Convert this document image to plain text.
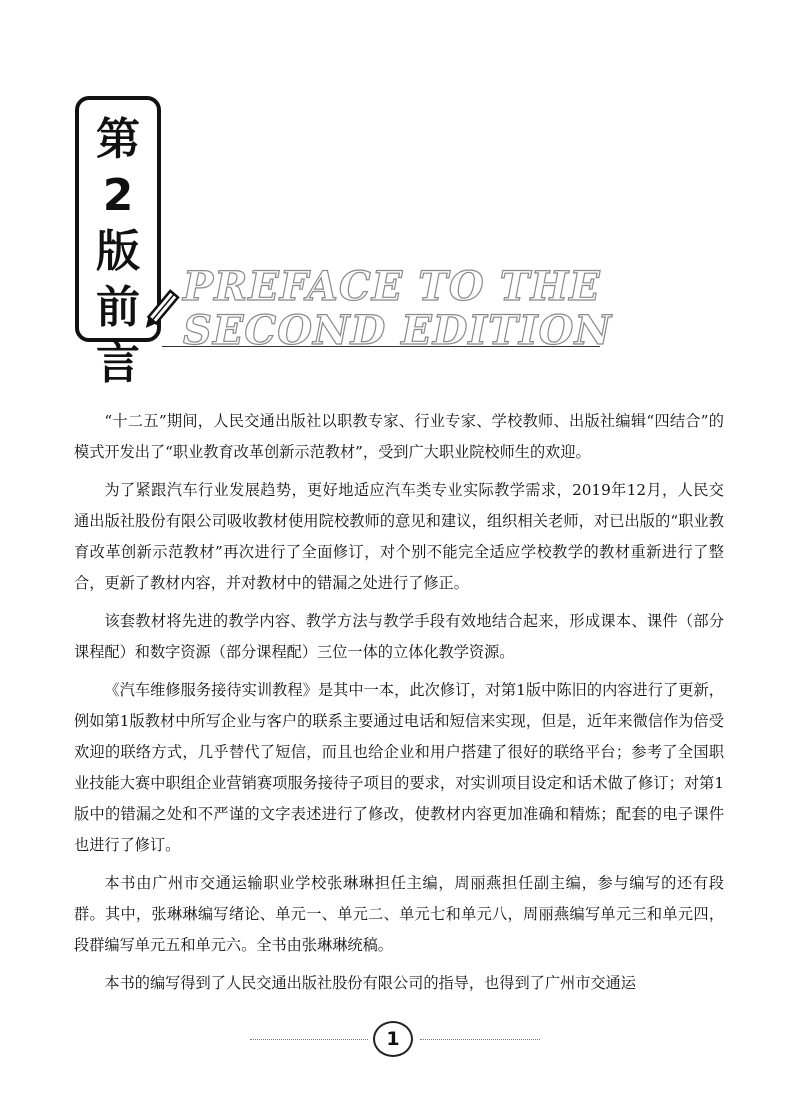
第
2
版
前
言
PREFACE TO THE
SECOND EDITION

“十二五”期间，人民交通出版社以职教专家、行业专家、学校教师、出版社编辑“四结合”的模式开发出了“职业教育改革创新示范教材”，受到广大职业院校师生的欢迎。

为了紧跟汽车行业发展趋势，更好地适应汽车类专业实际教学需求，2019年12月，人民交通出版社股份有限公司吸收教材使用院校教师的意见和建议，组织相关老师，对已出版的“职业教育改革创新示范教材”再次进行了全面修订，对个别不能完全适应学校教学的教材重新进行了整合，更新了教材内容，并对教材中的错漏之处进行了修正。

该套教材将先进的教学内容、教学方法与教学手段有效地结合起来，形成课本、课件（部分课程配）和数字资源（部分课程配）三位一体的立体化教学资源。

《汽车维修服务接待实训教程》是其中一本，此次修订，对第1版中陈旧的内容进行了更新，例如第1版教材中所写企业与客户的联系主要通过电话和短信来实现，但是，近年来微信作为倍受欢迎的联络方式，几乎替代了短信，而且也给企业和用户搭建了很好的联络平台；参考了全国职业技能大赛中职组企业营销赛项服务接待子项目的要求，对实训项目设定和话术做了修订；对第1版中的错漏之处和不严谨的文字表述进行了修改，使教材内容更加准确和精炼；配套的电子课件也进行了修订。

本书由广州市交通运输职业学校张琳琳担任主编，周丽燕担任副主编，参与编写的还有段群。其中，张琳琳编写绪论、单元一、单元二、单元七和单元八，周丽燕编写单元三和单元四，段群编写单元五和单元六。全书由张琳琳统稿。

本书的编写得到了人民交通出版社股份有限公司的指导，也得到了广州市交通运

1
